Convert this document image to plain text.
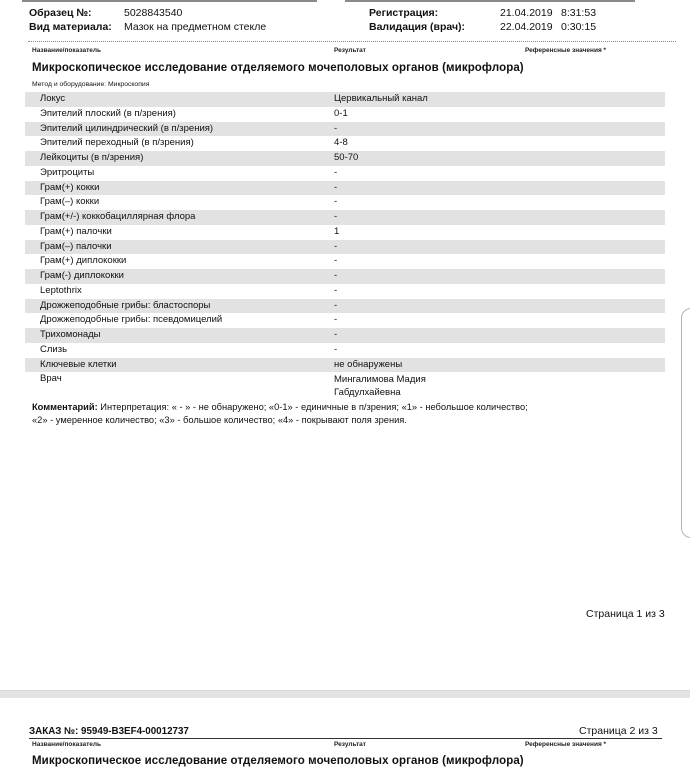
Образец №:	5028843540
Вид материала: Мазок на предметном стекле
Регистрация:	21.04.2019 8:31:53
Валидация (врач):	22.04.2019 0:30:15
Название/показатель	Результат	Референсные значения *
Микроскопическое исследование отделяемого мочеполовых органов (микрофлора)
Метод и оборудование: Микроскопия
Локус	Цервикальный канал
Эпителий плоский (в п/зрения)	0-1
Эпителий цилиндрический (в п/зрения)	-
Эпителий переходный (в п/зрения)	4-8
Лейкоциты (в п/зрения)	50-70
Эритроциты	-
Грам(+) кокки	-
Грам(–) кокки	-
Грам(+/-) коккобациллярная флора	-
Грам(+) палочки	1
Грам(–) палочки	-
Грам(+) диплококки	-
Грам(-) диплококки	-
Leptothrix	-
Дрожжеподобные грибы: бластоспоры	-
Дрожжеподобные грибы: псевдомицелий	-
Трихомонады	-
Слизь	-
Ключевые клетки	не обнаружены
Врач	Мингалимова Мадия
Габдулхайевна
Комментарий: Интерпретация: « - » - не обнаружено; «0-1» - единичные в п/зрения; «1» - небольшое количество;
«2» - умеренное количество; «3» - большое количество; «4» - покрывают поля зрения.
Страница 1 из 3
ЗАКАЗ №: 95949-B3EF4-00012737	Страница 2 из 3
Название/показатель	Результат	Референсные значения *
Микроскопическое исследование отделяемого мочеполовых органов (микрофлора)
